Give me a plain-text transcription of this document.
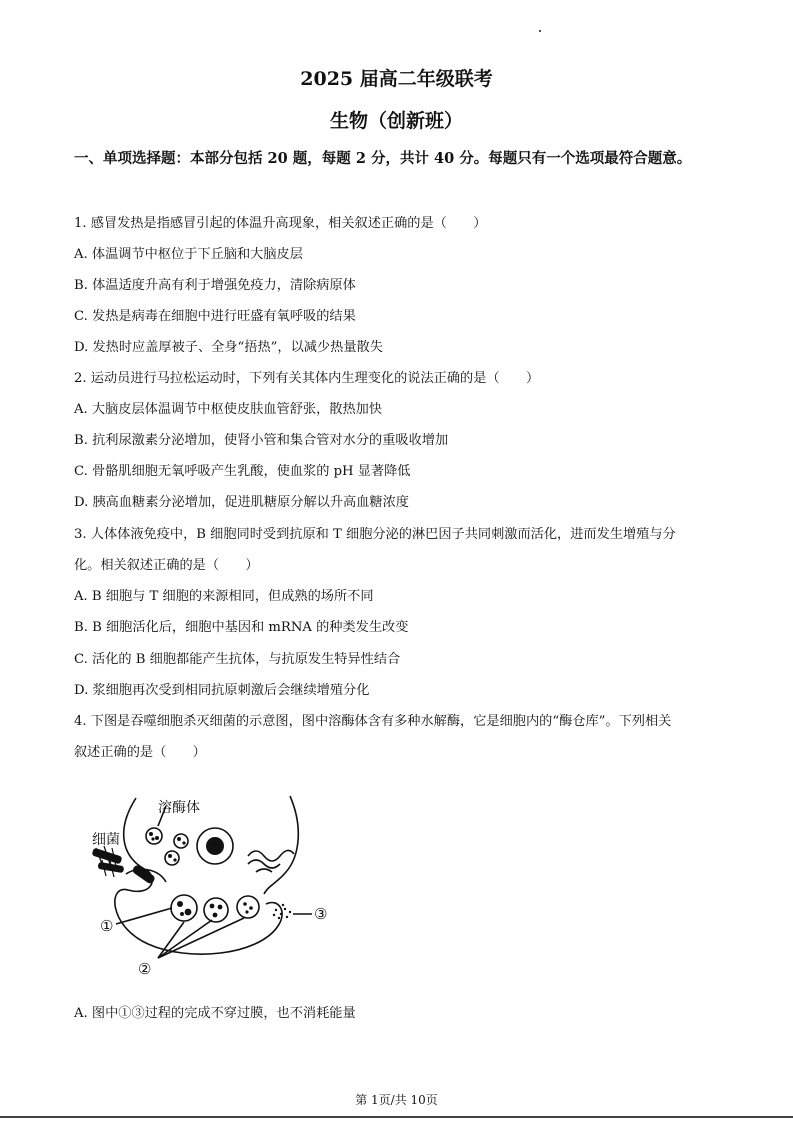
2025 届高二年级联考
生物（创新班）
一、单项选择题：本部分包括 20 题，每题 2 分，共计 40 分。每题只有一个选项最符合题意。
1. 感冒发热是指感冒引起的体温升高现象，相关叙述正确的是（　　）
A. 体温调节中枢位于下丘脑和大脑皮层
B. 体温适度升高有利于增强免疫力，清除病原体
C. 发热是病毒在细胞中进行旺盛有氧呼吸的结果
D. 发热时应盖厚被子、全身“捂热”，以减少热量散失
2. 运动员进行马拉松运动时，下列有关其体内生理变化的说法正确的是（　　）
A. 大脑皮层体温调节中枢使皮肤血管舒张，散热加快
B. 抗利尿激素分泌增加，使肾小管和集合管对水分的重吸收增加
C. 骨骼肌细胞无氧呼吸产生乳酸，使血浆的 pH 显著降低
D. 胰高血糖素分泌增加，促进肌糖原分解以升高血糖浓度
3. 人体体液免疫中，B 细胞同时受到抗原和 T 细胞分泌的淋巴因子共同刺激而活化，进而发生增殖与分
化。相关叙述正确的是（　　）
A. B 细胞与 T 细胞的来源相同，但成熟的场所不同
B. B 细胞活化后，细胞中基因和 mRNA 的种类发生改变
C. 活化的 B 细胞都能产生抗体，与抗原发生特异性结合
D. 浆细胞再次受到相同抗原刺激后会继续增殖分化
4. 下图是吞噬细胞杀灭细菌的示意图，图中溶酶体含有多种水解酶，它是细胞内的“酶仓库”。下列相关
叙述正确的是（　　）
溶酶体
细菌
①
②
③
A. 图中①③过程的完成不穿过膜，也不消耗能量
第 1页/共 10页
